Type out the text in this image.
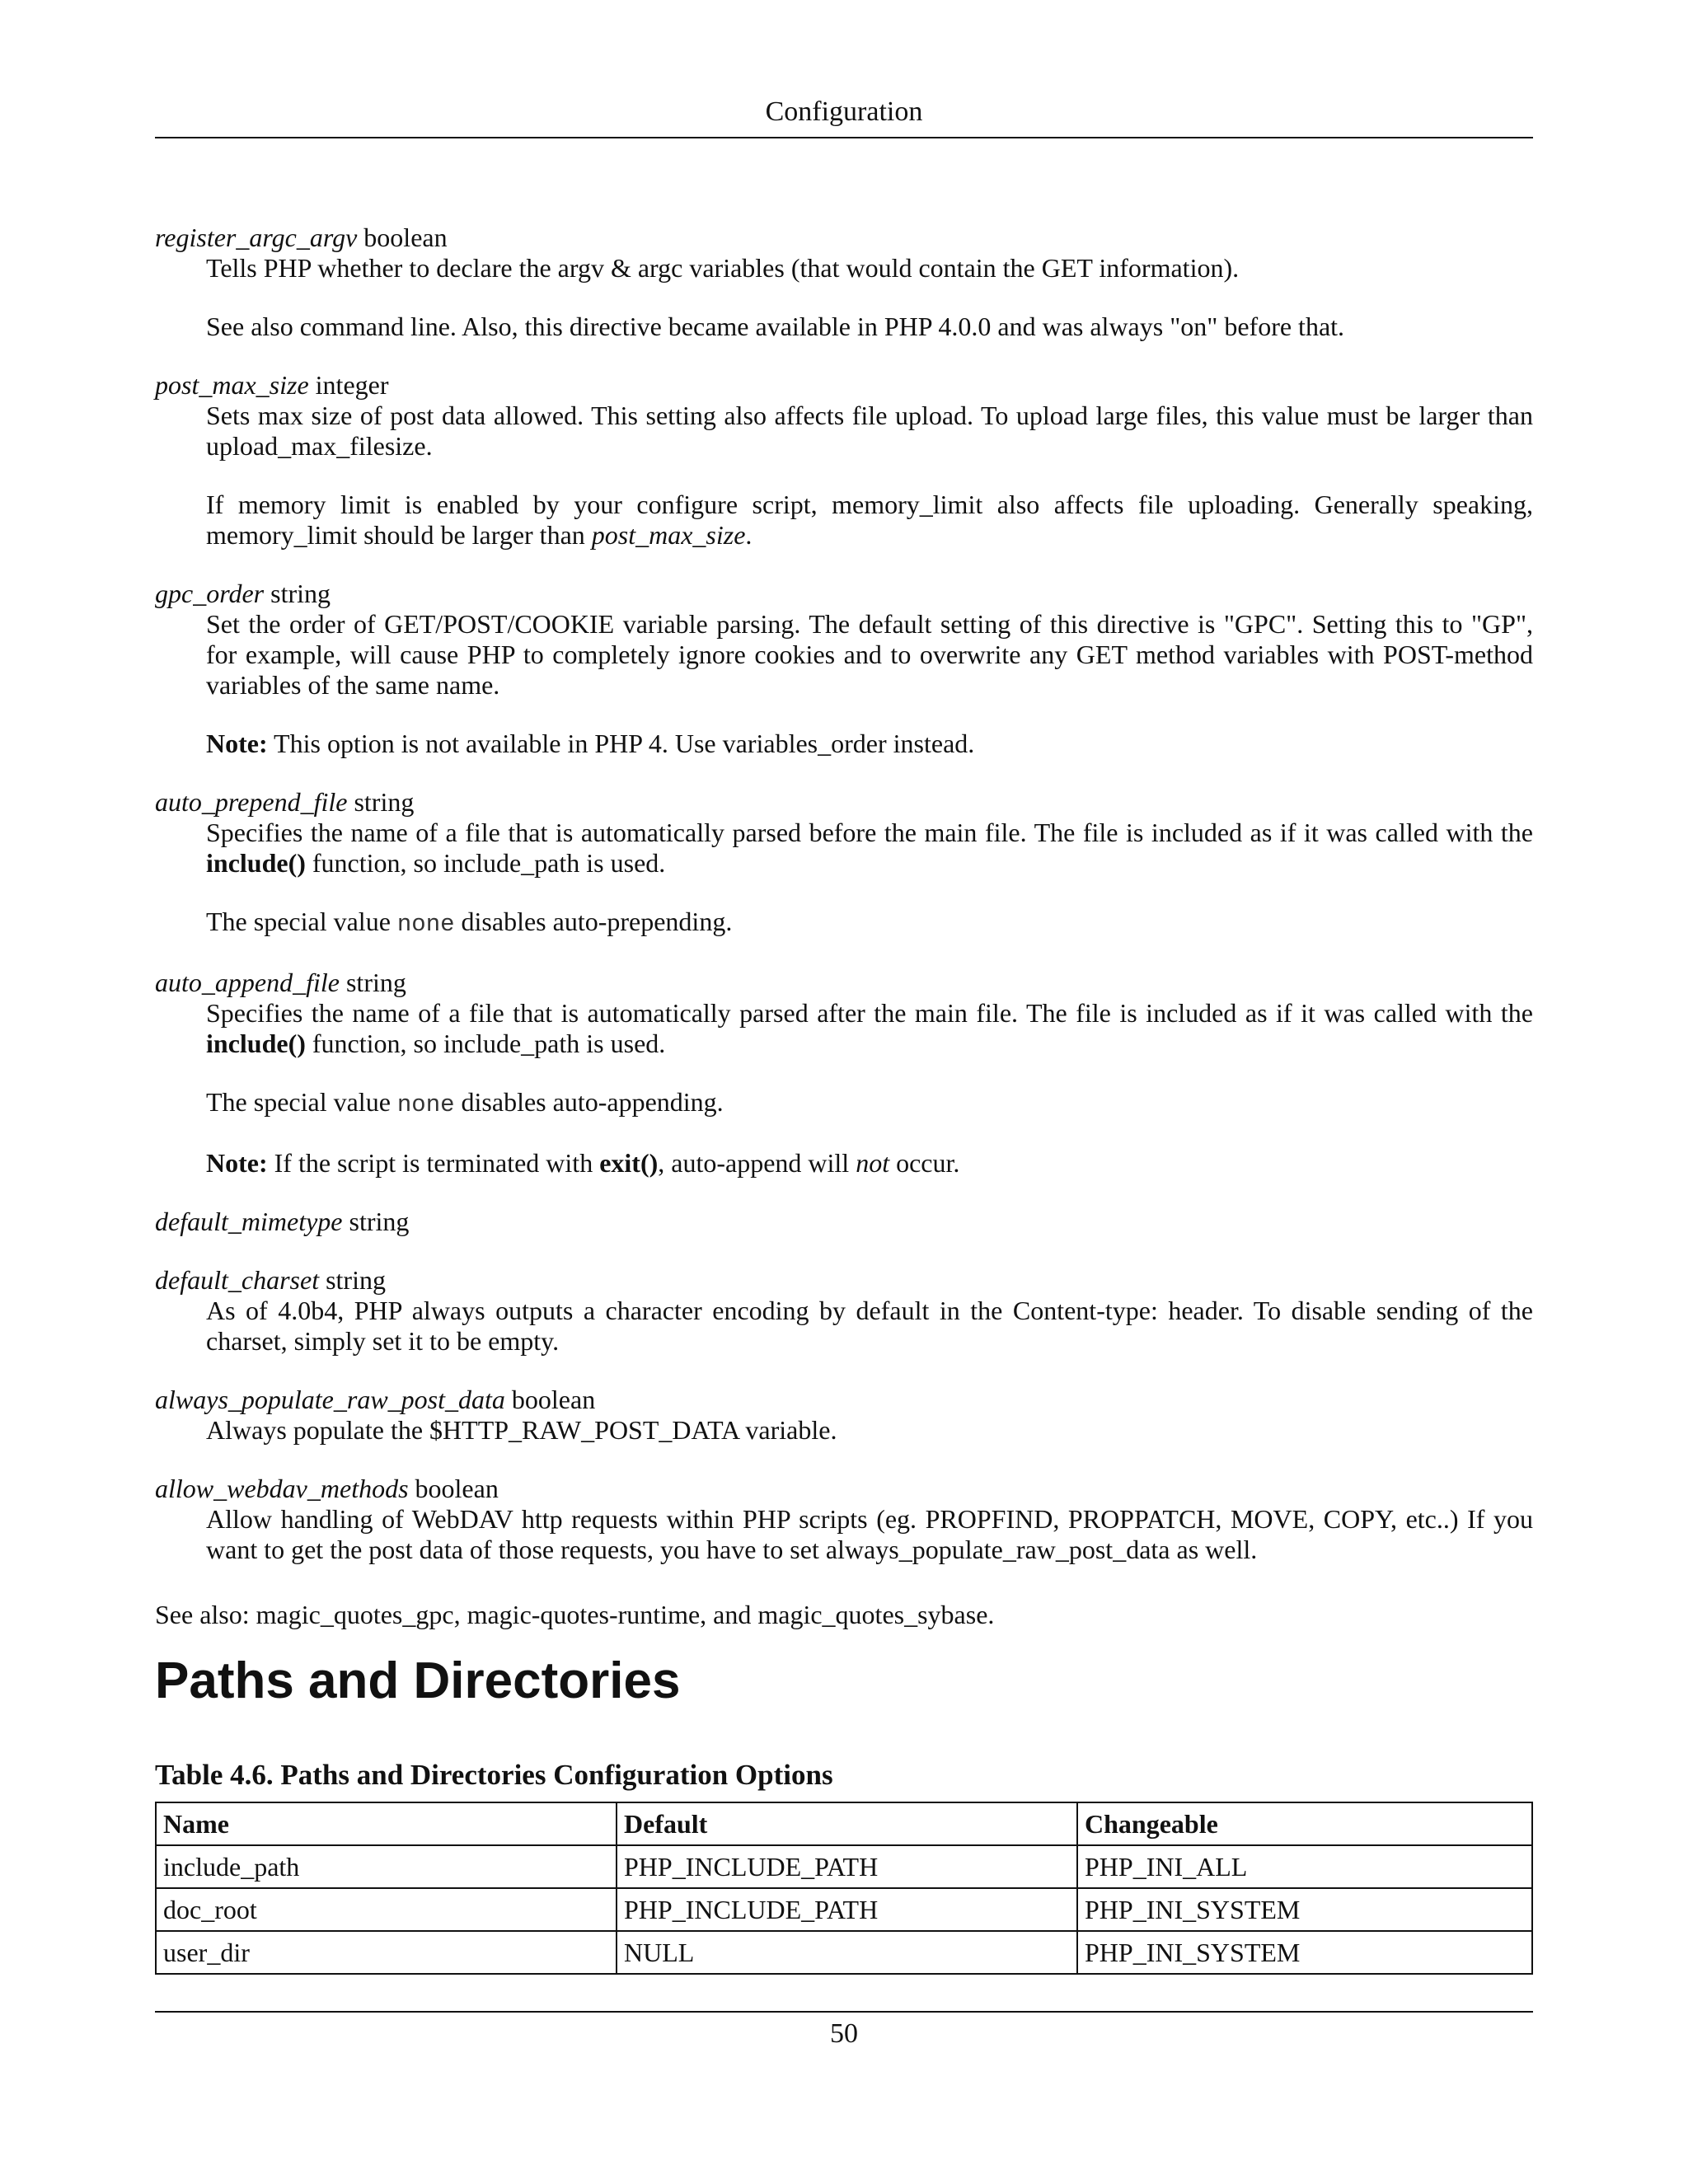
Configuration

register_argc_argv boolean

Tells PHP whether to declare the argv & argc variables (that would contain the GET information).

See also command line. Also, this directive became available in PHP 4.0.0 and was always "on" before that.

post_max_size integer

Sets max size of post data allowed. This setting also affects file upload. To upload large files, this value must be larger than upload_max_filesize.

If memory limit is enabled by your configure script, memory_limit also affects file uploading. Generally speaking, memory_limit should be larger than post_max_size.

gpc_order string

Set the order of GET/POST/COOKIE variable parsing. The default setting of this directive is "GPC". Setting this to "GP", for example, will cause PHP to completely ignore cookies and to overwrite any GET method variables with POST-method variables of the same name.

Note: This option is not available in PHP 4. Use variables_order instead.

auto_prepend_file string

Specifies the name of a file that is automatically parsed before the main file. The file is included as if it was called with the include() function, so include_path is used.

The special value none disables auto-prepending.

auto_append_file string

Specifies the name of a file that is automatically parsed after the main file. The file is included as if it was called with the include() function, so include_path is used.

The special value none disables auto-appending.

Note: If the script is terminated with exit(), auto-append will not occur.

default_mimetype string

default_charset string

As of 4.0b4, PHP always outputs a character encoding by default in the Content-type: header. To disable sending of the charset, simply set it to be empty.

always_populate_raw_post_data boolean

Always populate the $HTTP_RAW_POST_DATA variable.

allow_webdav_methods boolean

Allow handling of WebDAV http requests within PHP scripts (eg. PROPFIND, PROPPATCH, MOVE, COPY, etc..) If you want to get the post data of those requests, you have to set always_populate_raw_post_data as well.

See also: magic_quotes_gpc, magic-quotes-runtime, and magic_quotes_sybase.

Paths and Directories
Table 4.6. Paths and Directories Configuration Options
Name	Default	Changeable
include_path	PHP_INCLUDE_PATH	PHP_INI_ALL
doc_root	PHP_INCLUDE_PATH	PHP_INI_SYSTEM
user_dir	NULL	PHP_INI_SYSTEM
50
